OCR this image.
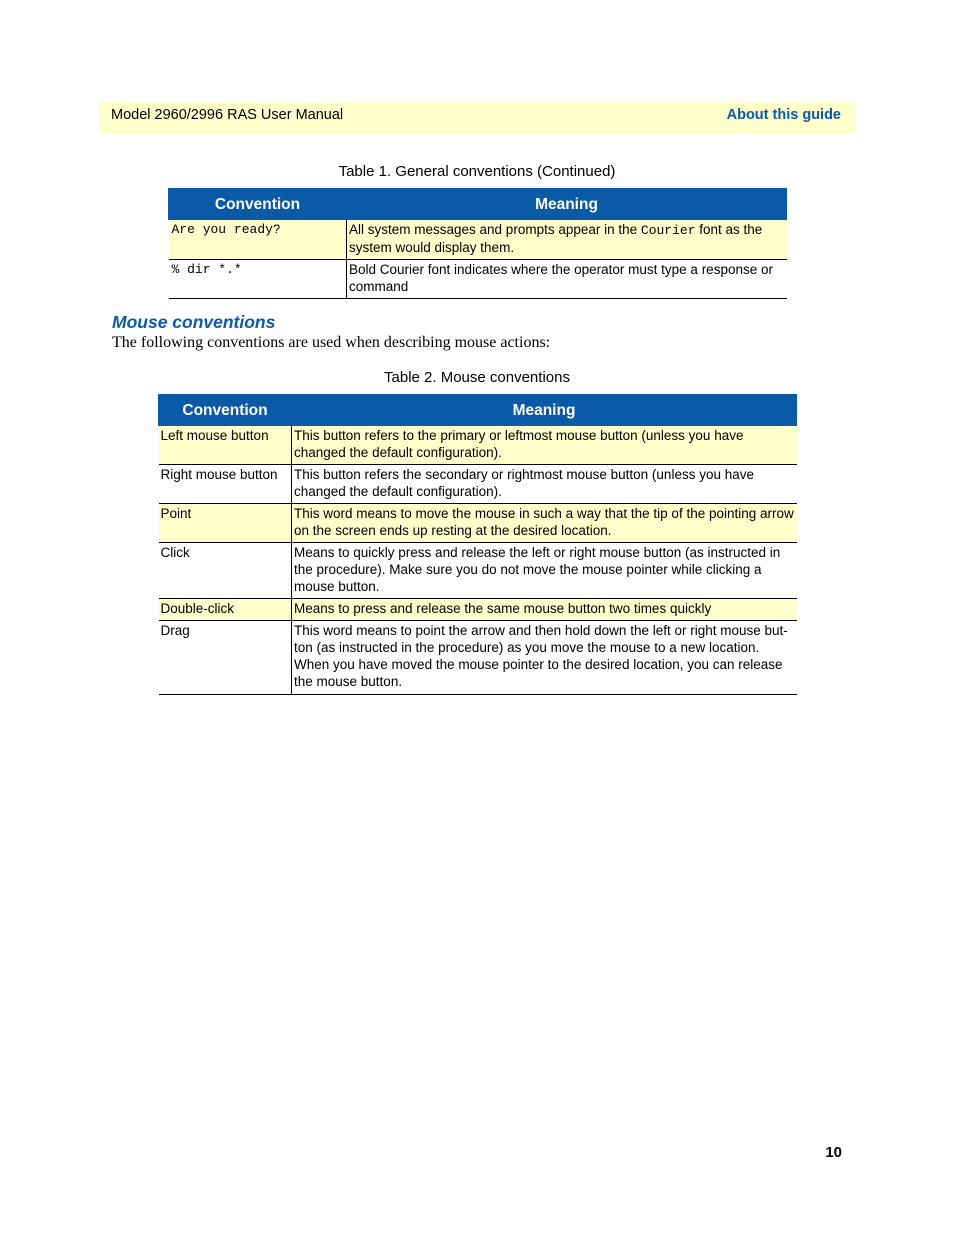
Model 2960/2996 RAS User Manual	About this guide
Table 1. General conventions (Continued)
Convention	Meaning
Are you ready?	All system messages and prompts appear in the Courier font as the system would display them.
% dir *.*	Bold Courier font indicates where the operator must type a response or command
Mouse conventions
The following conventions are used when describing mouse actions:
Table 2. Mouse conventions
Convention	Meaning
Left mouse button	This button refers to the primary or leftmost mouse button (unless you have changed the default configuration).
Right mouse button	This button refers the secondary or rightmost mouse button (unless you have changed the default configuration).
Point	This word means to move the mouse in such a way that the tip of the pointing arrow on the screen ends up resting at the desired location.
Click	Means to quickly press and release the left or right mouse button (as instructed in the procedure). Make sure you do not move the mouse pointer while clicking a mouse button.
Double-click	Means to press and release the same mouse button two times quickly
Drag	This word means to point the arrow and then hold down the left or right mouse but-ton (as instructed in the procedure) as you move the mouse to a new location. When you have moved the mouse pointer to the desired location, you can release the mouse button.
10
